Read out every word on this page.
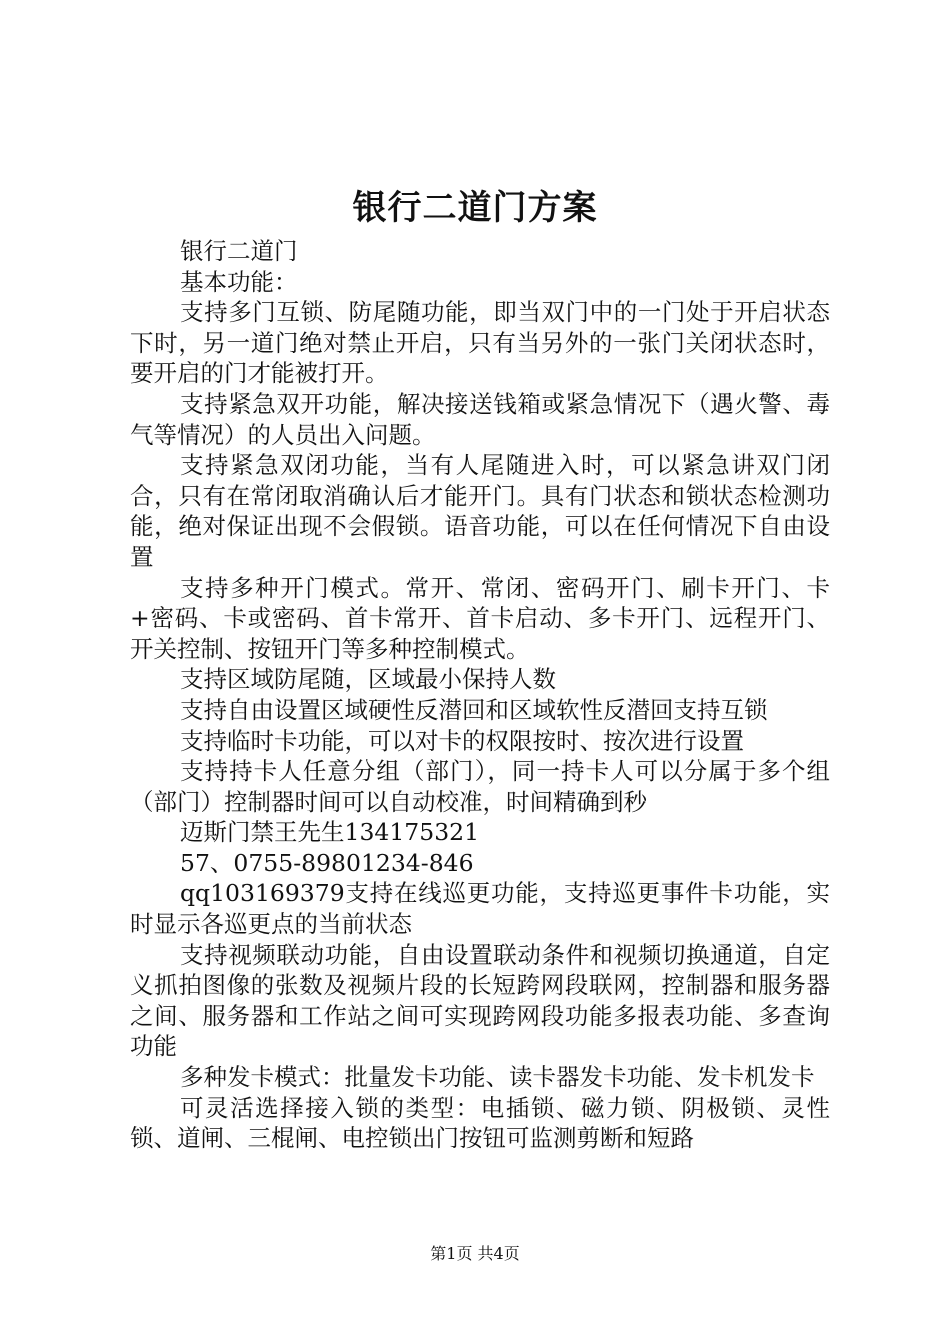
银行二道门方案

银行二道门

基本功能：

支持多门互锁、防尾随功能，即当双门中的一门处于开启状态下时，另一道门绝对禁止开启，只有当另外的一张门关闭状态时，要开启的门才能被打开。

支持紧急双开功能，解决接送钱箱或紧急情况下（遇火警、毒气等情况）的人员出入问题。

支持紧急双闭功能，当有人尾随进入时，可以紧急讲双门闭合，只有在常闭取消确认后才能开门。具有门状态和锁状态检测功能，绝对保证出现不会假锁。语音功能，可以在任何情况下自由设置

支持多种开门模式。常开、常闭、密码开门、刷卡开门、卡+密码、卡或密码、首卡常开、首卡启动、多卡开门、远程开门、开关控制、按钮开门等多种控制模式。

支持区域防尾随，区域最小保持人数

支持自由设置区域硬性反潜回和区域软性反潜回支持互锁

支持临时卡功能，可以对卡的权限按时、按次进行设置

支持持卡人任意分组（部门），同一持卡人可以分属于多个组（部门）控制器时间可以自动校准，时间精确到秒

迈斯门禁王先生134175321

57、0755-89801234-846

qq103169379支持在线巡更功能，支持巡更事件卡功能，实时显示各巡更点的当前状态

支持视频联动功能，自由设置联动条件和视频切换通道，自定义抓拍图像的张数及视频片段的长短跨网段联网，控制器和服务器之间、服务器和工作站之间可实现跨网段功能多报表功能、多查询功能

多种发卡模式：批量发卡功能、读卡器发卡功能、发卡机发卡

可灵活选择接入锁的类型：电插锁、磁力锁、阴极锁、灵性锁、道闸、三棍闸、电控锁出门按钮可监测剪断和短路

第1页 共4页
